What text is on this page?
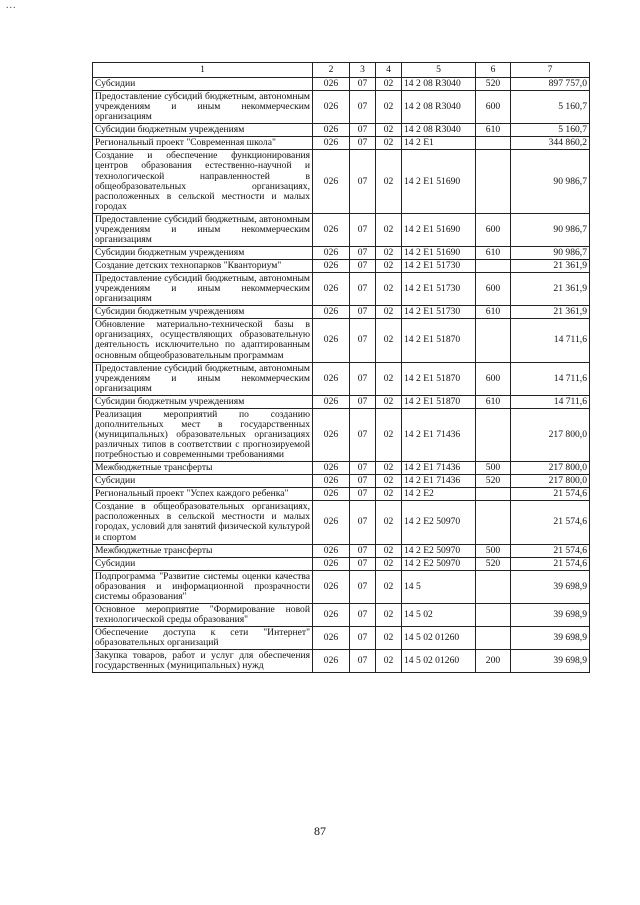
...
1	2	3	4	5	6	7
Субсидии	026	07	02	14 2 08 R3040	520	897 757,0
Предоставление субсидий бюджетным, автономным учреждениям и иным некоммерческим организациям	026	07	02	14 2 08 R3040	600	5 160,7
Субсидии бюджетным учреждениям	026	07	02	14 2 08 R3040	610	5 160,7
Региональный проект "Современная школа"	026	07	02	14 2 E1		344 860,2
Создание и обеспечение функционирования центров образования естественно-научной и технологической направленностей в общеобразовательных организациях, расположенных в сельской местности и малых городах	026	07	02	14 2 E1 51690		90 986,7
Предоставление субсидий бюджетным, автономным учреждениям и иным некоммерческим организациям	026	07	02	14 2 E1 51690	600	90 986,7
Субсидии бюджетным учреждениям	026	07	02	14 2 E1 51690	610	90 986,7
Создание детских технопарков "Кванториум"	026	07	02	14 2 E1 51730		21 361,9
Предоставление субсидий бюджетным, автономным учреждениям и иным некоммерческим организациям	026	07	02	14 2 E1 51730	600	21 361,9
Субсидии бюджетным учреждениям	026	07	02	14 2 E1 51730	610	21 361,9
Обновление материально-технической базы в организациях, осуществляющих образовательную деятельность исключительно по адаптированным основным общеобразовательным программам	026	07	02	14 2 E1 51870		14 711,6
Предоставление субсидий бюджетным, автономным учреждениям и иным некоммерческим организациям	026	07	02	14 2 E1 51870	600	14 711,6
Субсидии бюджетным учреждениям	026	07	02	14 2 E1 51870	610	14 711,6
Реализация мероприятий по созданию дополнительных мест в государственных (муниципальных) образовательных организациях различных типов в соответствии с прогнозируемой потребностью и современными требованиями	026	07	02	14 2 E1 71436		217 800,0
Межбюджетные трансферты	026	07	02	14 2 E1 71436	500	217 800,0
Субсидии	026	07	02	14 2 E1 71436	520	217 800,0
Региональный проект "Успех каждого ребенка"	026	07	02	14 2 E2		21 574,6
Создание в общеобразовательных организациях, расположенных в сельской местности и малых городах, условий для занятий физической культурой и спортом	026	07	02	14 2 E2 50970		21 574,6
Межбюджетные трансферты	026	07	02	14 2 E2 50970	500	21 574,6
Субсидии	026	07	02	14 2 E2 50970	520	21 574,6
Подпрограмма "Развитие системы оценки качества образования и информационной прозрачности системы образования"	026	07	02	14 5		39 698,9
Основное мероприятие "Формирование новой технологической среды образования"	026	07	02	14 5 02		39 698,9
Обеспечение доступа к сети "Интернет" образовательных организаций	026	07	02	14 5 02 01260		39 698,9
Закупка товаров, работ и услуг для обеспечения государственных (муниципальных) нужд	026	07	02	14 5 02 01260	200	39 698,9
87
